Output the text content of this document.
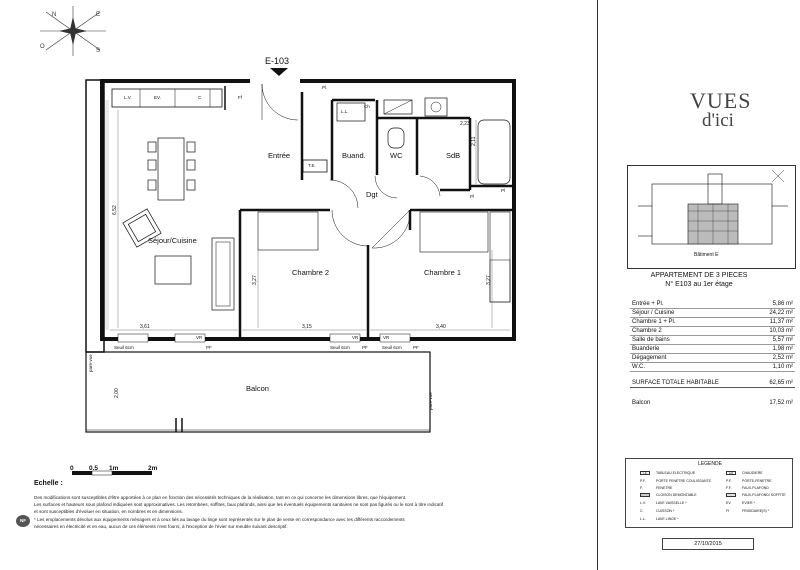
N	E
O
S
E-103
Entrée	Buand.	WC	SdB
Dgt
Séjour/Cuisine
Chambre 2	Chambre 1
Balcon
L.V.	EV.	C	Ff
L.L.
Ch
T.E.
Pl.
Pl
Pl
VR	VR	VR
PF	PF	PF
Seuil 6cm	Seuil 6cm	Seuil 6cm
pare-vue
pare-vue
3,61	3,15	3,40
6,52
3,27	3,27
2,23
2,11
2,00
0 0.5 1m	2m
Echelle :
Des modifications sont susceptibles d'être apportées à ce plan en fonction des nécessités techniques de la réalisation, tant en ce qui concerne les dimensions libres, que l'équipement.
Les surfaces et hauteurs sous plafond indiquées sont approximatives. Les retombées, soffites, faux plafonds, ainsi que les éventuels équipements sanitaires ne sont pas figurés ou le sont à titre indicatif
et sont susceptibles d'évoluer en situation, en nombres et en dimensions.
* Les emplacements dévolus aux équipements ménagers et à ceux liés au lavage du linge sont représentés sur le plan de vente en correspondance avec les différents raccordements
nécessaires en électricité et en eau, aucun de ces éléments n'est fourni, à l'exception de l'évier sur meuble suivant descriptif.
NF
VUES
d'ici
Bâtiment E
APPARTEMENT DE 3 PIECES
N° E103 au 1er étage
Entrée + Pl.	5,86 m²
Séjour / Cuisine	24,22 m²
Chambre 1 + Pl.	11,37 m²
Chambre 2	10,03 m²
Salle de bains	5,57 m²
Buanderie	1,98 m²
Dégagement	2,52 m²
W.C.	1,10 m²
SURFACE TOTALE HABITABLE	62,65 m²
Balcon	17,52 m²
LEGENDE
T.E.	TABLEAU ELECTRIQUE	Ch	CHAUDIERE
P.F.	PORTE FENETRE COULISSANTE	P.F.	PORTE-FENETRE
F.	FENETRE	F.F.	FAUX-PLAFOND
CLOISON DEMONTABLE	FAUX-PLAFOND/ SOFFITE
L.V.	LAVE VAISSELLE *	EV.	EVIER *
C.	CUISSON *	Ff	FRIGIDAIRE(S) *
L.L.	LAVE LINGE *
27/10/2015
